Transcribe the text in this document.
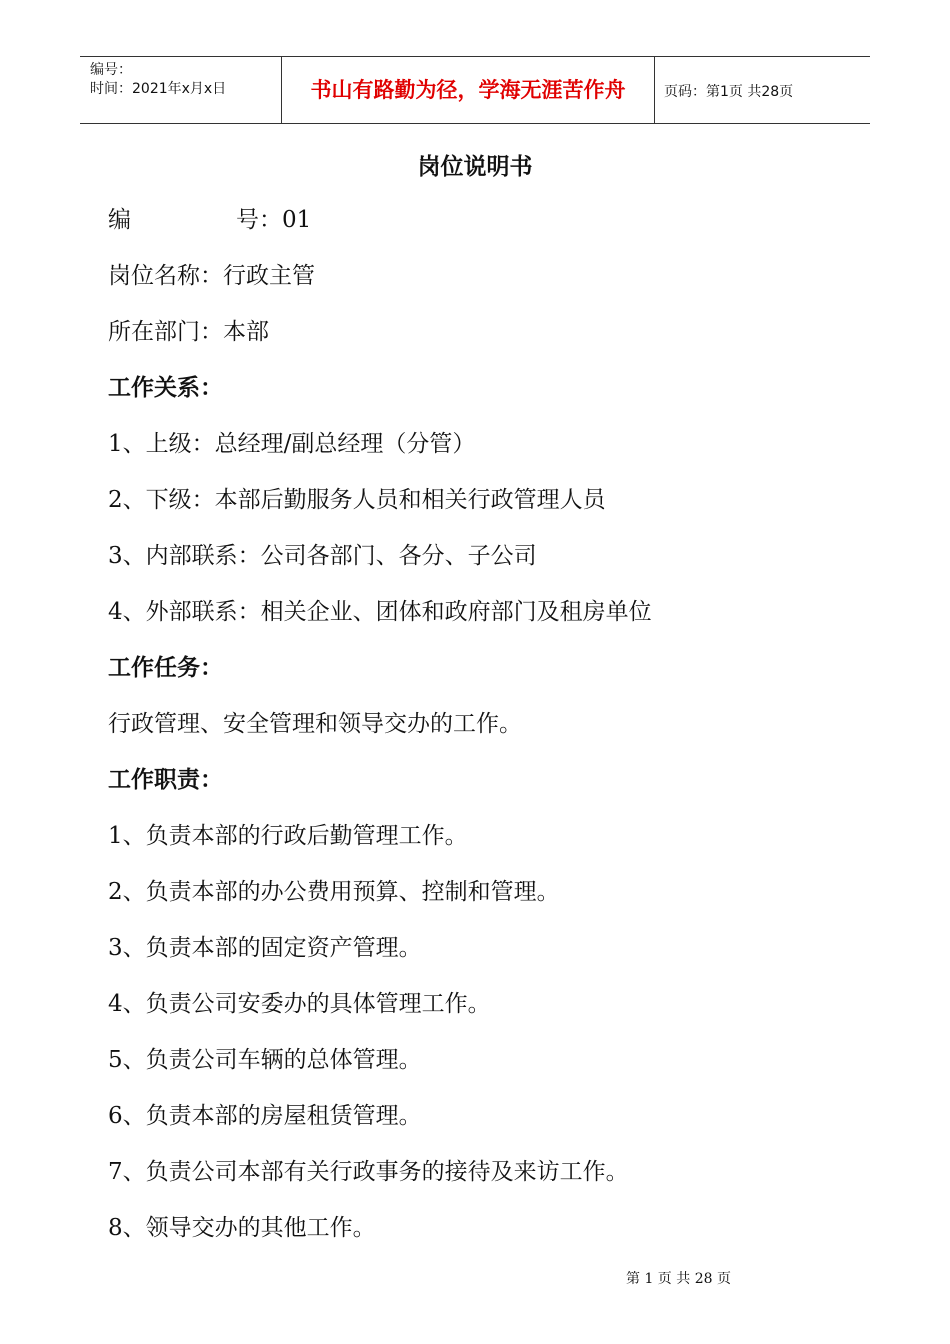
编号：
时间：2021年x月x日	书山有路勤为径，学海无涯苦作舟	页码：第1页 共28页
岗位说明书
编	号：01
岗位名称：行政主管
所在部门：本部
工作关系：
1、上级：总经理/副总经理（分管）
2、下级：本部后勤服务人员和相关行政管理人员
3、内部联系：公司各部门、各分、子公司
4、外部联系：相关企业、团体和政府部门及租房单位
工作任务：
行政管理、安全管理和领导交办的工作。
工作职责：
1、负责本部的行政后勤管理工作。
2、负责本部的办公费用预算、控制和管理。
3、负责本部的固定资产管理。
4、负责公司安委办的具体管理工作。
5、负责公司车辆的总体管理。
6、负责本部的房屋租赁管理。
7、负责公司本部有关行政事务的接待及来访工作。
8、领导交办的其他工作。
第 1 页 共 28 页
